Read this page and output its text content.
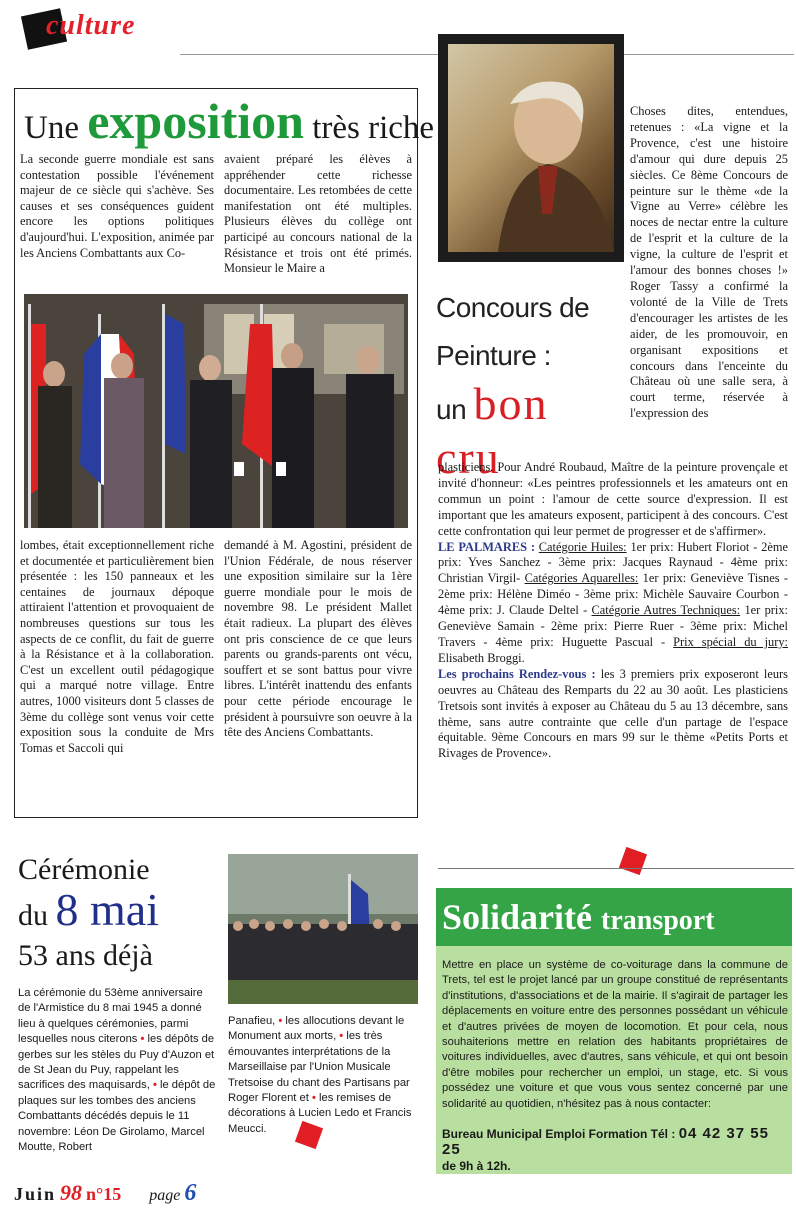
culture
Une exposition très riche

La seconde guerre mondiale est sans contestation possible l'événement majeur de ce siècle qui s'achève. Ses causes et ses conséquences guident encore les options politiques d'aujourd'hui. L'exposition, animée par les Anciens Combattants aux Co-

avaient préparé les élèves à appréhender cette richesse documentaire. Les retombées de cette manifestation ont été multiples. Plusieurs élèves du collège ont participé au concours national de la Résistance et trois ont été primés. Monsieur le Maire a

lombes, était exceptionnellement riche et documentée et particulièrement bien présentée : les 150 panneaux et les centaines de journaux dépoque attiraient l'attention et provoquaient de nombreuses questions sur tous les aspects de ce conflit, du fait de guerre à la Résistance et à la collaboration. C'est un excellent outil pédagogique qui a marqué notre village. Entre autres, 1000 visiteurs dont 5 classes de 3ème du collège sont venus voir cette exposition sous la conduite de Mrs Tomas et Saccoli qui

demandé à M. Agostini, président de l'Union Fédérale, de nous réserver une exposition similaire sur la 1ère guerre mondiale pour le mois de novembre 98. Le président Mallet était radieux. La plupart des élèves ont pris conscience de ce que leurs parents ou grands-parents ont vécu, souffert et se sont battus pour vivre libres. L'intérêt inattendu des enfants pour cette période encourage le président à poursuivre son oeuvre à la tête des Anciens Combattants.

Concours de
Peinture :
un bon
cru

Choses dites, entendues, retenues : «La vigne et la Provence, c'est une histoire d'amour qui dure depuis 25 siècles. Ce 8ème Concours de peinture sur le thème «de la Vigne au Verre» célèbre les noces de nectar entre la culture de l'esprit et la culture de la vigne, la culture de l'esprit et l'amour des bonnes choses !» Roger Tassy a confirmé la volonté de la Ville de Trets d'encourager les artistes de les aider, de les promouvoir, en organisant expositions et concours dans l'enceinte du Château où une salle sera, à court terme, réservée à l'expression des

plasticiens. Pour André Roubaud, Maître de la peinture provençale et invité d'honneur: «Les peintres professionnels et les amateurs ont en commun un point : l'amour de cette source d'expression. Il est important que les amateurs exposent, participent à des concours. C'est cette confrontation qui leur permet de progresser et de s'affirmer».

LE PALMARES : Catégorie Huiles: 1er prix: Hubert Floriot - 2ème prix: Yves Sanchez - 3ème prix: Jacques Raynaud - 4ème prix: Christian Virgil- Catégories Aquarelles: 1er prix: Geneviève Tisnes - 2ème prix: Hélène Diméo - 3ème prix: Michèle Sauvaire Courbon - 4ème prix: J. Claude Deltel - Catégorie Autres Techniques: 1er prix: Geneviève Samain - 2ème prix: Pierre Ruer - 3ème prix: Michel Travers - 4ème prix: Huguette Pascual - Prix spécial du jury: Elisabeth Broggi.

Les prochains Rendez-vous : les 3 premiers prix exposeront leurs oeuvres au Château des Remparts du 22 au 30 août. Les plasticiens Tretsois sont invités à exposer au Château du 5 au 13 décembre, sans thème, sans autre contrainte que celle d'un partage de l'espace équitable. 9ème Concours en mars 99 sur le thème «Petits Ports et Rivages de Provence».

Cérémonie
du 8 mai
53 ans déjà

La cérémonie du 53ème anniversaire de l'Armistice du 8 mai 1945 a donné lieu à quelques cérémonies, parmi lesquelles nous citerons • les dépôts de gerbes sur les stèles du Puy d'Auzon et de St Jean du Puy, rappelant les sacrifices des maquisards, • le dépôt de plaques sur les tombes des anciens Combattants décédés depuis le 11 novembre: Léon De Girolamo, Marcel Moutte, Robert

Panafieu, • les allocutions devant le Monument aux morts, • les très émouvantes interprétations de la Marseillaise par l'Union Musicale Tretsoise du chant des Partisans par Roger Florent et • les remises de décorations à Lucien Ledo et Francis Meucci.

Solidarité transport

Mettre en place un système de co-voiturage dans la commune de Trets, tel est le projet lancé par un groupe constitué de représentants d'institutions, d'associations et de la mairie. Il s'agirait de partager les déplacements en voiture entre des personnes possédant un véhicule et d'autres privées de moyen de locomotion. Et pour cela, nous souhaiterions mettre en relation des habitants propriétaires de voitures individuelles, avec d'autres, sans véhicule, et qui ont besoin d'être mobiles pour rechercher un emploi, un stage, etc. Si vous possédez une voiture et que vous vous sentez concerné par une solidarité au quotidien, n'hésitez pas à nous contacter:

Bureau Municipal Emploi Formation Tél : 04 42 37 55 25
de 9h à 12h.
Juin 98 n°15 page 6
